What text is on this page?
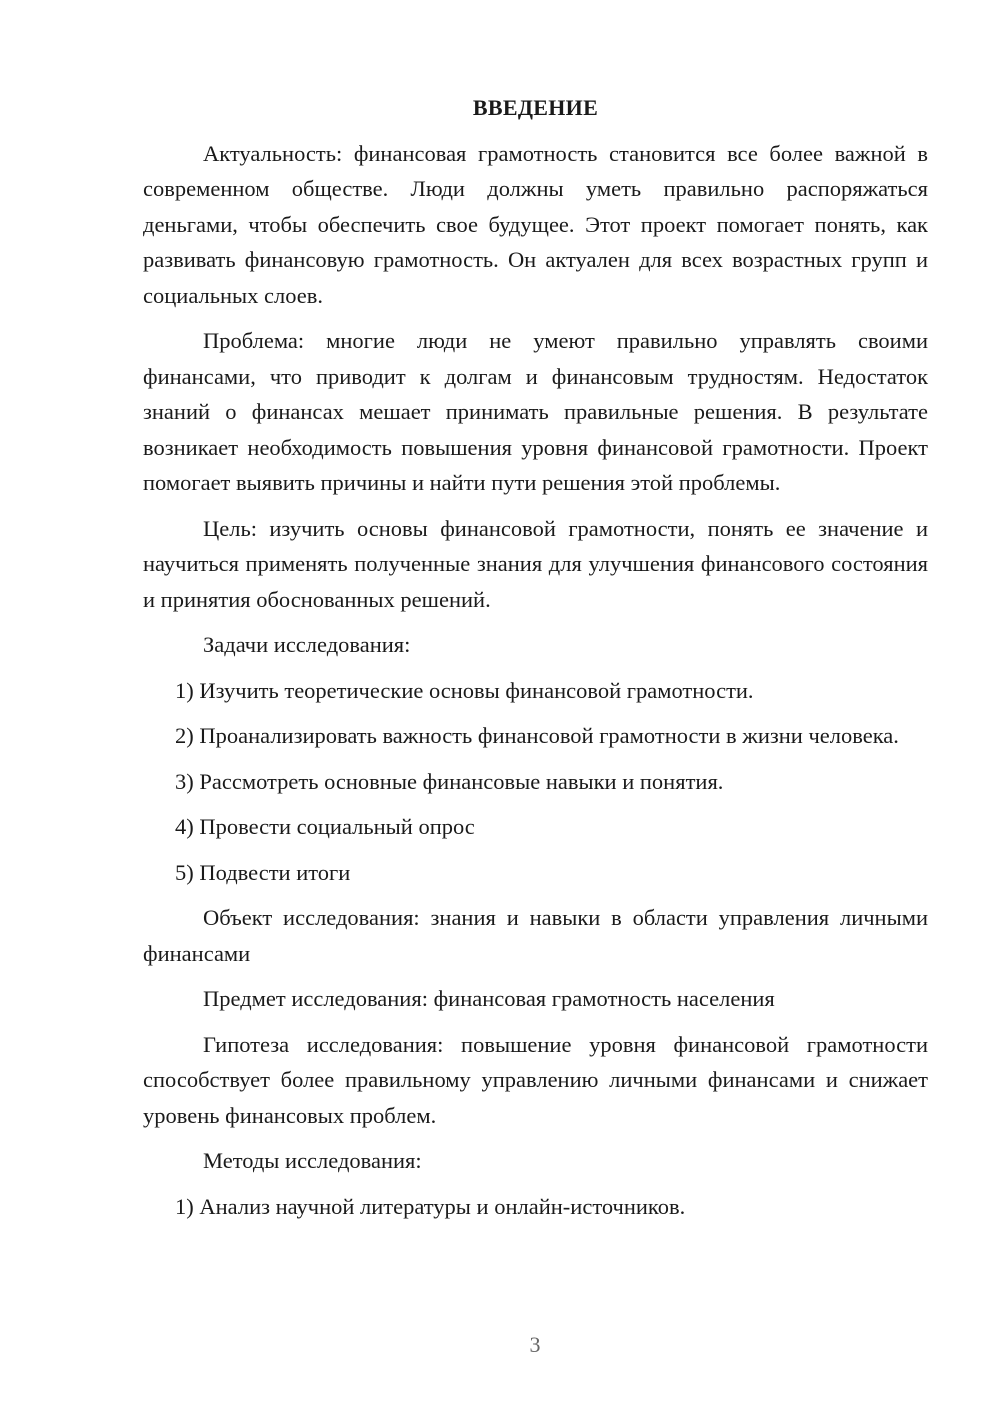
ВВЕДЕНИЕ

Актуальность: финансовая грамотность становится все более важной в современном обществе. Люди должны уметь правильно распоряжаться деньгами, чтобы обеспечить свое будущее. Этот проект помогает понять, как развивать финансовую грамотность. Он актуален для всех возрастных групп и социальных слоев.

Проблема: многие люди не умеют правильно управлять своими финансами, что приводит к долгам и финансовым трудностям. Недостаток знаний о финансах мешает принимать правильные решения. В результате возникает необходимость повышения уровня финансовой грамотности. Проект помогает выявить причины и найти пути решения этой проблемы.

Цель: изучить основы финансовой грамотности, понять ее значение и научиться применять полученные знания для улучшения финансового состояния и принятия обоснованных решений.

Задачи исследования:

1) Изучить теоретические основы финансовой грамотности.

2) Проанализировать важность финансовой грамотности в жизни человека.

3) Рассмотреть основные финансовые навыки и понятия.

4) Провести социальный опрос

5) Подвести итоги

Объект исследования: знания и навыки в области управления личными финансами

Предмет исследования: финансовая грамотность населения

Гипотеза исследования: повышение уровня финансовой грамотности способствует более правильному управлению личными финансами и снижает уровень финансовых проблем.

Методы исследования:

1) Анализ научной литературы и онлайн-источников.

3
